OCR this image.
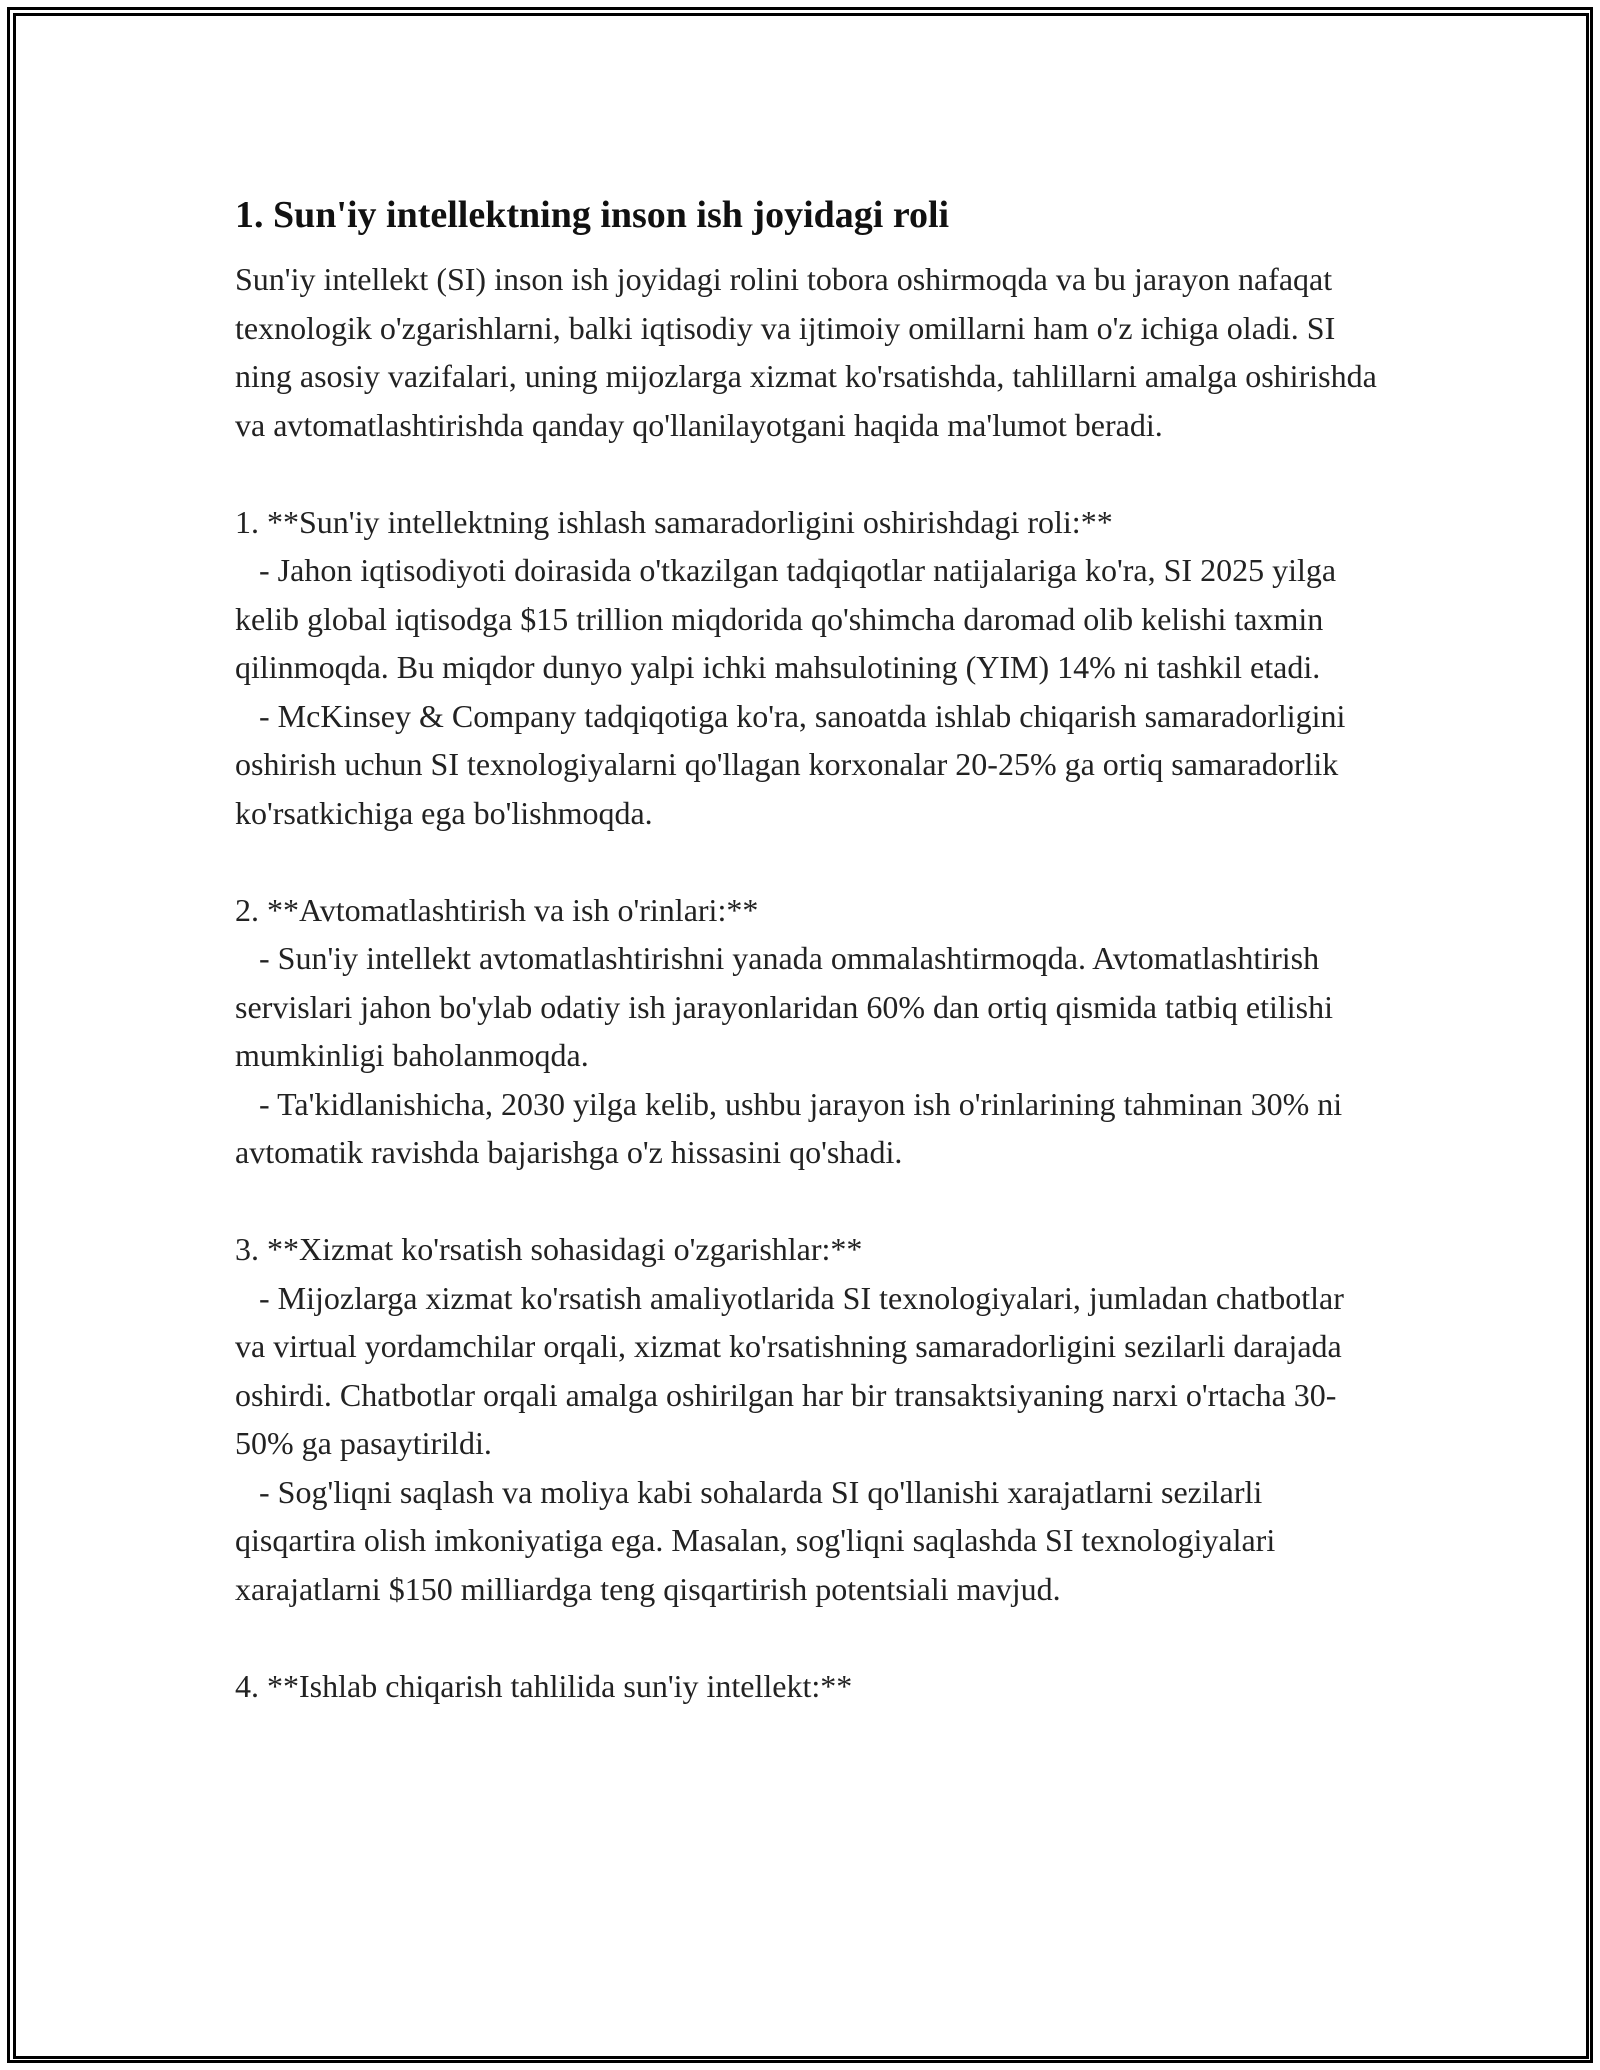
1. Sun'iy intellektning inson ish joyidagi roli

Sun'iy intellekt (SI) inson ish joyidagi rolini tobora oshirmoqda va bu jarayon nafaqat texnologik o'zgarishlarni, balki iqtisodiy va ijtimoiy omillarni ham o'z ichiga oladi. SI ning asosiy vazifalari, uning mijozlarga xizmat ko'rsatishda, tahlillarni amalga oshirishda va avtomatlashtirishda qanday qo'llanilayotgani haqida ma'lumot beradi.

1. **Sun'iy intellektning ishlash samaradorligini oshirishdagi roli:**

- Jahon iqtisodiyoti doirasida o'tkazilgan tadqiqotlar natijalariga ko'ra, SI 2025 yilga kelib global iqtisodga $15 trillion miqdorida qo'shimcha daromad olib kelishi taxmin qilinmoqda. Bu miqdor dunyo yalpi ichki mahsulotining (YIM) 14% ni tashkil etadi.

- McKinsey & Company tadqiqotiga ko'ra, sanoatda ishlab chiqarish samaradorligini oshirish uchun SI texnologiyalarni qo'llagan korxonalar 20-25% ga ortiq samaradorlik ko'rsatkichiga ega bo'lishmoqda.

2. **Avtomatlashtirish va ish o'rinlari:**

- Sun'iy intellekt avtomatlashtirishni yanada ommalashtirmoqda. Avtomatlashtirish servislari jahon bo'ylab odatiy ish jarayonlaridan 60% dan ortiq qismida tatbiq etilishi mumkinligi baholanmoqda.

- Ta'kidlanishicha, 2030 yilga kelib, ushbu jarayon ish o'rinlarining tahminan 30% ni avtomatik ravishda bajarishga o'z hissasini qo'shadi.

3. **Xizmat ko'rsatish sohasidagi o'zgarishlar:**

- Mijozlarga xizmat ko'rsatish amaliyotlarida SI texnologiyalari, jumladan chatbotlar va virtual yordamchilar orqali, xizmat ko'rsatishning samaradorligini sezilarli darajada oshirdi. Chatbotlar orqali amalga oshirilgan har bir transaktsiyaning narxi o'rtacha 30-50% ga pasaytirildi.

- Sog'liqni saqlash va moliya kabi sohalarda SI qo'llanishi xarajatlarni sezilarli qisqartira olish imkoniyatiga ega. Masalan, sog'liqni saqlashda SI texnologiyalari xarajatlarni $150 milliardga teng qisqartirish potentsiali mavjud.

4. **Ishlab chiqarish tahlilida sun'iy intellekt:**
